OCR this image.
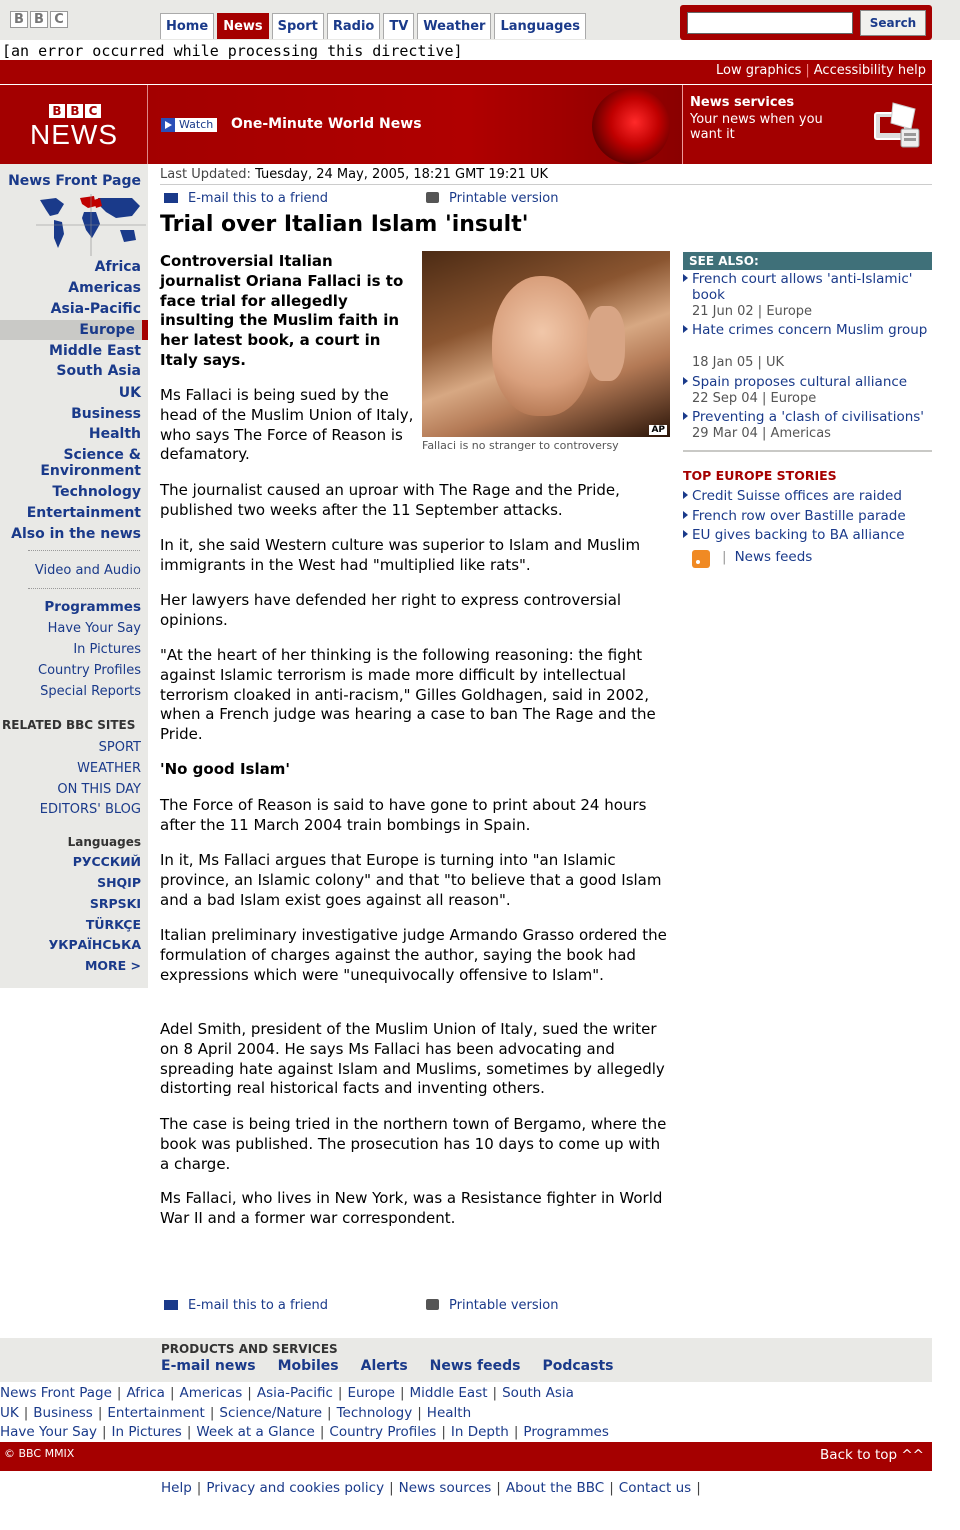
B B C	Home	News	Sport	Radio	TV	Weather	Languages	Search
[an error occurred while processing this directive]
Low graphics | Accessibility help
B B C
NEWS	Watch One-Minute World News
News services
Your news when you want it
News Front Page
Africa
Americas
Asia-Pacific
Europe
Middle East
South Asia
UK
Business
Health
Science & Environment
Technology
Entertainment
Also in the news
Video and Audio
Programmes
Have Your Say
In Pictures
Country Profiles
Special Reports
RELATED BBC SITES
SPORT
WEATHER
ON THIS DAY
EDITORS' BLOG
Languages
РУССКИЙ
SHQIP
SRPSKI
TÜRKÇE
УКРАЇНСЬКА
MORE >
Last Updated: Tuesday, 24 May, 2005, 18:21 GMT 19:21 UK
E-mail this to a friend	Printable version
Trial over Italian Islam 'insult'
AP
Fallaci is no stranger to controversy
Controversial Italian journalist Oriana Fallaci is to face trial for allegedly insulting the Muslim faith in her latest book, a court in Italy says.
Ms Fallaci is being sued by the head of the Muslim Union of Italy, who says The Force of Reason is defamatory.
The journalist caused an uproar with The Rage and the Pride, published two weeks after the 11 September attacks.
In it, she said Western culture was superior to Islam and Muslim immigrants in the West had "multiplied like rats".
Her lawyers have defended her right to express controversial opinions.
"At the heart of her thinking is the following reasoning: the fight against Islamic terrorism is made more difficult by intellectual terrorism cloaked in anti-racism," Gilles Goldhagen, said in 2002, when a French judge was hearing a case to ban The Rage and the Pride.
'No good Islam'
The Force of Reason is said to have gone to print about 24 hours after the 11 March 2004 train bombings in Spain.
In it, Ms Fallaci argues that Europe is turning into "an Islamic province, an Islamic colony" and that "to believe that a good Islam and a bad Islam exist goes against all reason".
Italian preliminary investigative judge Armando Grasso ordered the formulation of charges against the author, saying the book had expressions which were "unequivocally offensive to Islam".
Adel Smith, president of the Muslim Union of Italy, sued the writer on 8 April 2004. He says Ms Fallaci has been advocating and spreading hate against Islam and Muslims, sometimes by allegedly distorting real historical facts and inventing others.
The case is being tried in the northern town of Bergamo, where the book was published. The prosecution has 10 days to come up with a charge.
Ms Fallaci, who lives in New York, was a Resistance fighter in World War II and a former war correspondent.
E-mail this to a friend	Printable version
SEE ALSO:
French court allows 'anti-Islamic' book
21 Jun 02 | Europe
Hate crimes concern Muslim group
18 Jan 05 | UK
Spain proposes cultural alliance
22 Sep 04 | Europe
Preventing a 'clash of civilisations'
29 Mar 04 | Americas
TOP EUROPE STORIES
Credit Suisse offices are raided
French row over Bastille parade
EU gives backing to BA alliance
| News feeds
PRODUCTS AND SERVICES
E-mail news Mobiles Alerts News feeds Podcasts
News Front Page | Africa | Americas | Asia-Pacific | Europe | Middle East | South Asia
UK | Business | Entertainment | Science/Nature | Technology | Health
Have Your Say | In Pictures | Week at a Glance | Country Profiles | In Depth | Programmes
© BBC MMIX	Back to top ^^
Help | Privacy and cookies policy | News sources | About the BBC | Contact us |
